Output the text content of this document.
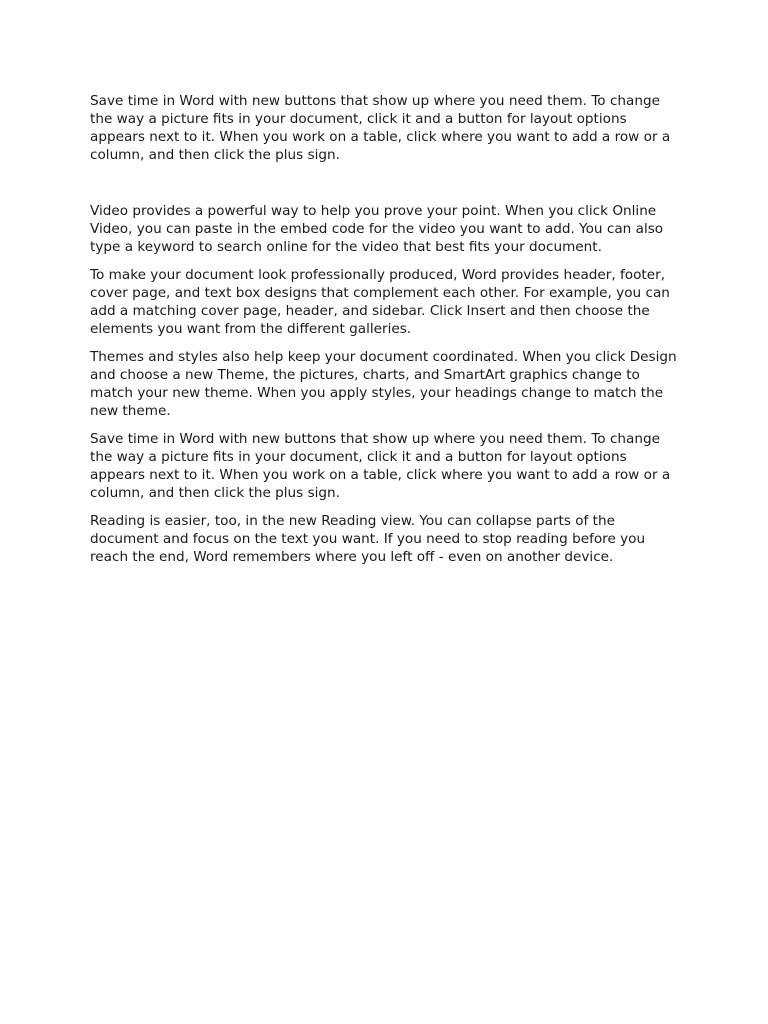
Save time in Word with new buttons that show up where you need them. To change the way a picture fits in your document, click it and a button for layout options appears next to it. When you work on a table, click where you want to add a row or a column, and then click the plus sign.

Video provides a powerful way to help you prove your point. When you click Online Video, you can paste in the embed code for the video you want to add. You can also type a keyword to search online for the video that best fits your document.

To make your document look professionally produced, Word provides header, footer, cover page, and text box designs that complement each other. For example, you can add a matching cover page, header, and sidebar. Click Insert and then choose the elements you want from the different galleries.

Themes and styles also help keep your document coordinated. When you click Design and choose a new Theme, the pictures, charts, and SmartArt graphics change to match your new theme. When you apply styles, your headings change to match the new theme.

Save time in Word with new buttons that show up where you need them. To change the way a picture fits in your document, click it and a button for layout options appears next to it. When you work on a table, click where you want to add a row or a column, and then click the plus sign.

Reading is easier, too, in the new Reading view. You can collapse parts of the document and focus on the text you want. If you need to stop reading before you reach the end, Word remembers where you left off - even on another device.
